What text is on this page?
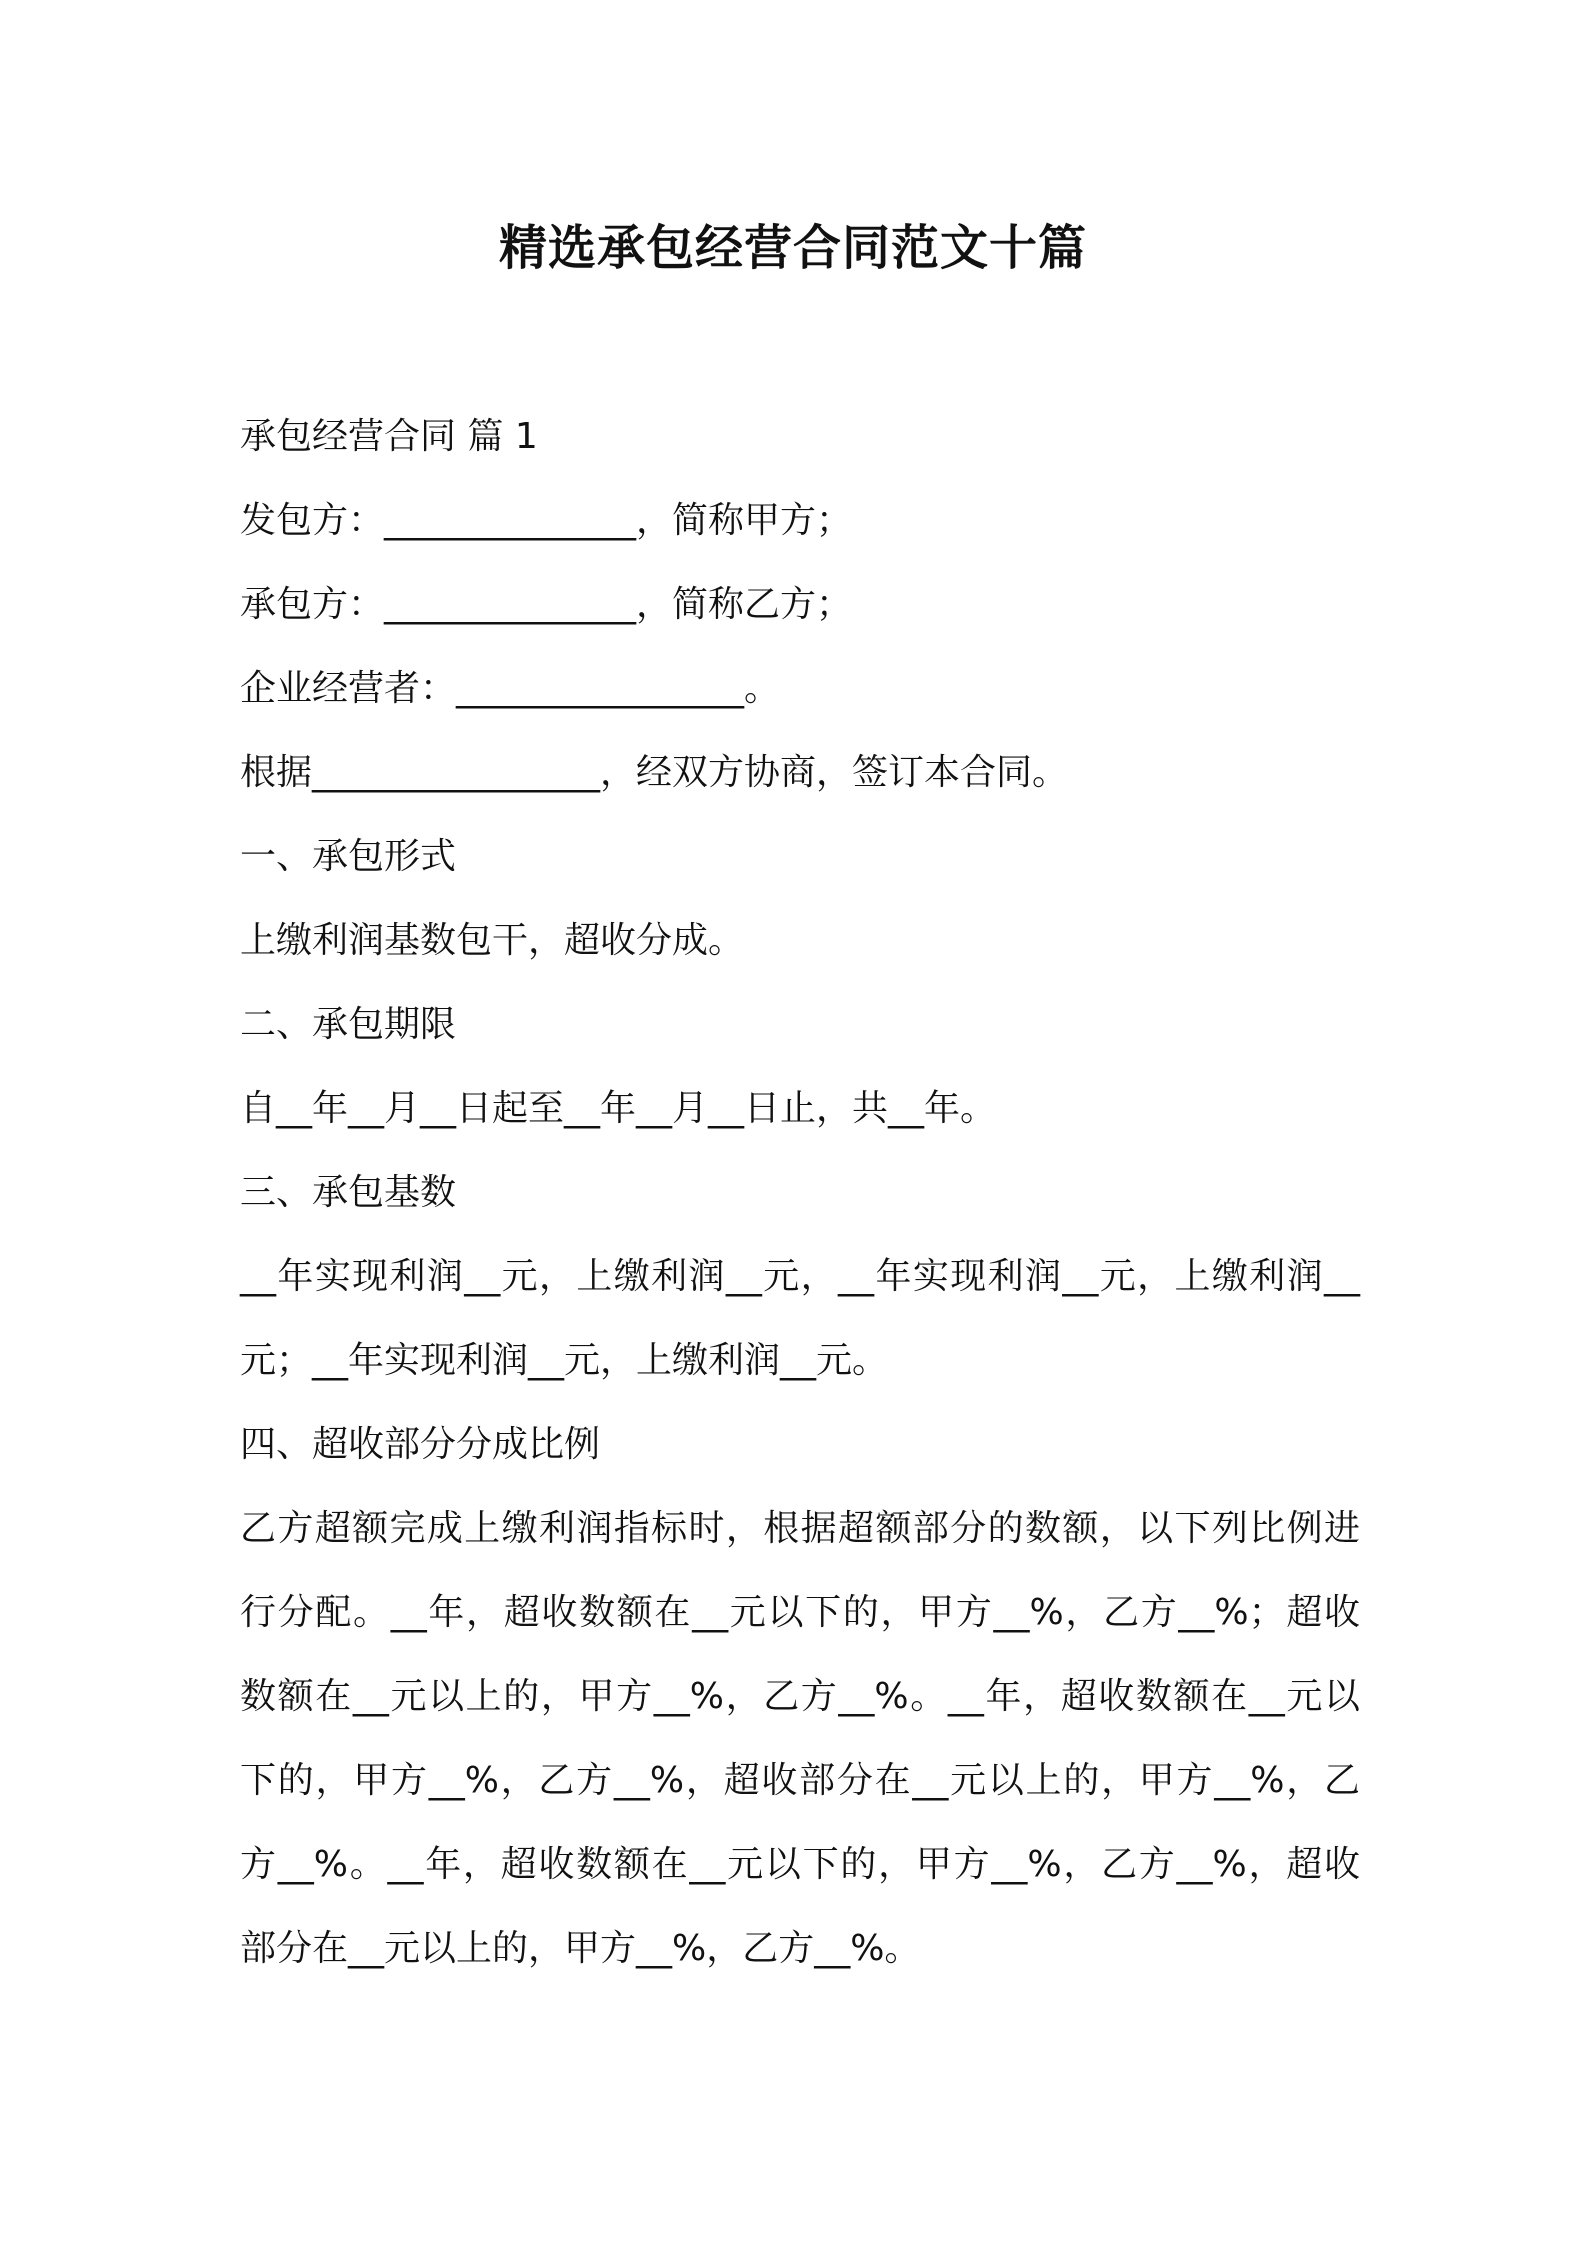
精选承包经营合同范文十篇
承包经营合同 篇 1
发包方：______________，简称甲方；
承包方：______________，简称乙方；
企业经营者：________________。
根据________________，经双方协商，签订本合同。
一、承包形式
上缴利润基数包干，超收分成。
二、承包期限
自__年__月__日起至__年__月__日止，共__年。
三、承包基数
__年实现利润__元，上缴利润__元，__年实现利润__元，上缴利润__
元；__年实现利润__元，上缴利润__元。
四、超收部分分成比例
乙方超额完成上缴利润指标时，根据超额部分的数额，以下列比例进
行分配。__年，超收数额在__元以下的，甲方__%，乙方__%；超收
数额在__元以上的，甲方__%，乙方__%。__年，超收数额在__元以
下的，甲方__%，乙方__%，超收部分在__元以上的，甲方__%，乙
方__%。__年，超收数额在__元以下的，甲方__%，乙方__%，超收
部分在__元以上的，甲方__%，乙方__%。
